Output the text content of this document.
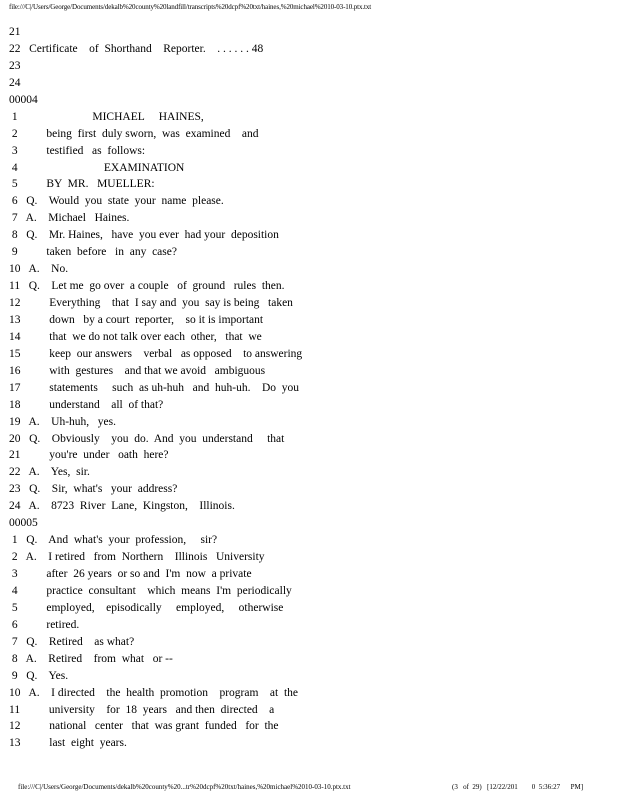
file:///C|/Users/George/Documents/dekalb%20county%20landfill/transcripts%20dcpf%20txt/haines,%20michael%2010-03-10.ptx.txt
21
22   Certificate    of  Shorthand    Reporter.    . . . . . . 48
23
24
00004
1                          MICHAEL     HAINES,
2          being  first  duly sworn,  was  examined    and
3          testified   as  follows:
4                              EXAMINATION
5          BY  MR.   MUELLER:
6   Q.    Would  you  state  your  name  please.
7   A.    Michael   Haines.
8   Q.    Mr. Haines,   have  you ever  had your  deposition
9          taken  before   in  any  case?
10   A.    No.
11   Q.    Let me  go over  a couple   of  ground   rules  then.
12          Everything    that  I say and  you  say is being   taken
13          down   by a court  reporter,    so it is important
14          that  we do not talk over each  other,   that  we
15          keep  our answers    verbal   as opposed    to answering
16          with  gestures    and that we avoid   ambiguous
17          statements     such  as uh-huh   and  huh-uh.    Do  you
18          understand    all  of that?
19   A.    Uh-huh,   yes.
20   Q.    Obviously    you  do.  And  you  understand     that
21          you're  under   oath  here?
22   A.    Yes,  sir.
23   Q.    Sir,  what's   your  address?
24   A.    8723  River  Lane,  Kingston,    Illinois.
00005
1   Q.    And  what's  your  profession,     sir?
2   A.    I retired   from  Northern    Illinois   University
3          after  26 years  or so and  I'm  now  a private
4          practice  consultant    which  means  I'm  periodically
5          employed,    episodically     employed,     otherwise
6          retired.
7   Q.    Retired    as what?
8   A.    Retired    from  what   or --
9   Q.    Yes.
10   A.    I directed    the  health  promotion    program    at  the
11          university    for  18  years   and then  directed    a
12          national   center   that  was grant  funded   for  the
13          last  eight  years.
file:///C|/Users/George/Documents/dekalb%20county%20...tr%20dcpf%20txt/haines,%20michael%2010-03-10.ptx.txt	(3   of  29)   [12/22/201        0  5:36:27      PM]
